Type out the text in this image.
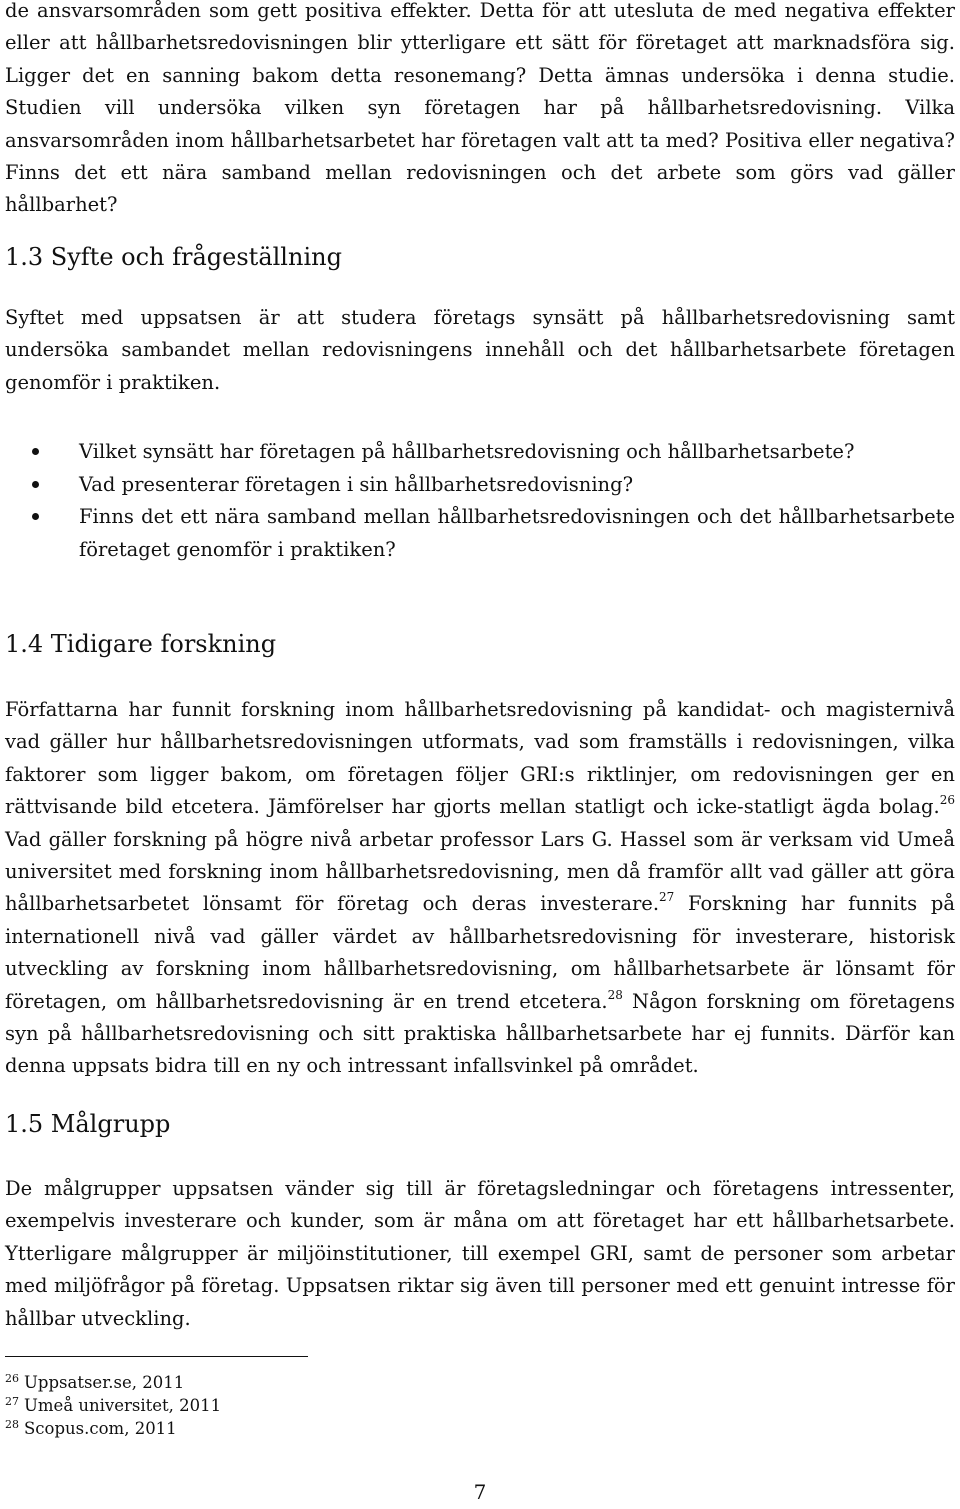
de ansvarsområden som gett positiva effekter. Detta för att utesluta de med negativa effekter eller att hållbarhetsredovisningen blir ytterligare ett sätt för företaget att marknadsföra sig. Ligger det en sanning bakom detta resonemang? Detta ämnas undersöka i denna studie. Studien vill undersöka vilken syn företagen har på hållbarhetsredovisning. Vilka ansvarsområden inom hållbarhetsarbetet har företagen valt att ta med? Positiva eller negativa? Finns det ett nära samband mellan redovisningen och det arbete som görs vad gäller hållbarhet?

1.3 Syfte och frågeställning

Syftet med uppsatsen är att studera företags synsätt på hållbarhetsredovisning samt undersöka sambandet mellan redovisningens innehåll och det hållbarhetsarbete företagen genomför i praktiken.

Vilket synsätt har företagen på hållbarhetsredovisning och hållbarhetsarbete?
Vad presenterar företagen i sin hållbarhetsredovisning?
Finns det ett nära samband mellan hållbarhetsredovisningen och det hållbarhetsarbete företaget genomför i praktiken?
1.4 Tidigare forskning

Författarna har funnit forskning inom hållbarhetsredovisning på kandidat- och magisternivå vad gäller hur hållbarhetsredovisningen utformats, vad som framställs i redovisningen, vilka faktorer som ligger bakom, om företagen följer GRI:s riktlinjer, om redovisningen ger en rättvisande bild etcetera. Jämförelser har gjorts mellan statligt och icke-statligt ägda bolag.$^{26}$ Vad gäller forskning på högre nivå arbetar professor Lars G. Hassel som är verksam vid Umeå universitet med forskning inom hållbarhetsredovisning, men då framför allt vad gäller att göra hållbarhetsarbetet lönsamt för företag och deras investerare.$^{27}$ Forskning har funnits på internationell nivå vad gäller värdet av hållbarhetsredovisning för investerare, historisk utveckling av forskning inom hållbarhetsredovisning, om hållbarhetsarbete är lönsamt för företagen, om hållbarhetsredovisning är en trend etcetera.$^{28}$ Någon forskning om företagens syn på hållbarhetsredovisning och sitt praktiska hållbarhetsarbete har ej funnits. Därför kan denna uppsats bidra till en ny och intressant infallsvinkel på området.

1.5 Målgrupp

De målgrupper uppsatsen vänder sig till är företagsledningar och företagens intressenter, exempelvis investerare och kunder, som är måna om att företaget har ett hållbarhetsarbete. Ytterligare målgrupper är miljöinstitutioner, till exempel GRI, samt de personer som arbetar med miljöfrågor på företag. Uppsatsen riktar sig även till personer med ett genuint intresse för hållbar utveckling.

$^{26}$ Uppsatser.se, 2011
$^{27}$ Umeå universitet, 2011
$^{28}$ Scopus.com, 2011
7
